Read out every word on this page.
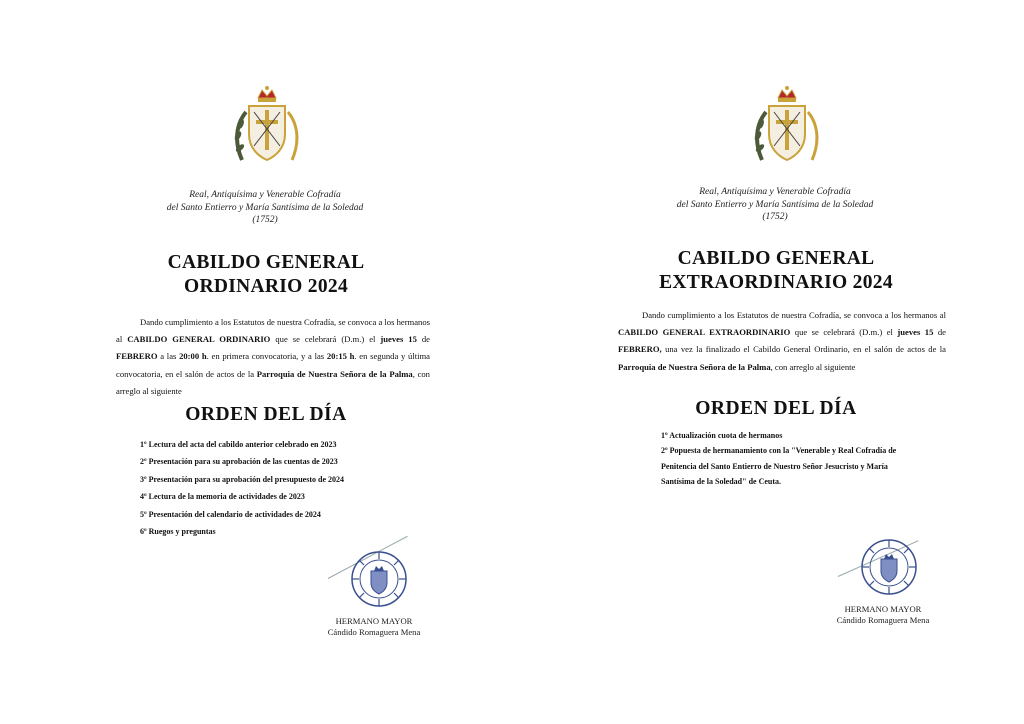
Real, Antiquísima y Venerable Cofradía
del Santo Entierro y María Santísima de la Soledad
(1752)
CABILDO GENERAL
ORDINARIO 2024
Dando cumplimiento a los Estatutos de nuestra Cofradía, se convoca a los hermanos al CABILDO GENERAL ORDINARIO que se celebrará (D.m.) el jueves 15 de FEBRERO a las 20:00 h. en primera convocatoria, y a las 20:15 h. en segunda y última convocatoria, en el salón de actos de la Parroquia de Nuestra Señora de la Palma, con arreglo al siguiente
ORDEN DEL DÍA
1º Lectura del acta del cabildo anterior celebrado en 2023
2º Presentación para su aprobación de las cuentas de 2023
3º Presentación para su aprobación del presupuesto de 2024
4º Lectura de la memoria de actividades de 2023
5º Presentación del calendario de actividades de 2024
6º Ruegos y preguntas
HERMANO MAYOR
Cándido Romaguera Mena
Real, Antiquísima y Venerable Cofradía
del Santo Entierro y María Santísima de la Soledad
(1752)
CABILDO GENERAL
EXTRAORDINARIO 2024
Dando cumplimiento a los Estatutos de nuestra Cofradía, se convoca a los hermanos al CABILDO GENERAL EXTRAORDINARIO que se celebrará (D.m.) el jueves 15 de FEBRERO, una vez la finalizado el Cabildo General Ordinario, en el salón de actos de la Parroquia de Nuestra Señora de la Palma, con arreglo al siguiente
ORDEN DEL DÍA
1º Actualización cuota de hermanos
2º Popuesta de hermanamiento con la "Venerable y Real Cofradía de Penitencia del Santo Entierro de Nuestro Señor Jesucristo y María Santísima de la Soledad" de Ceuta.
HERMANO MAYOR
Cándido Romaguera Mena
